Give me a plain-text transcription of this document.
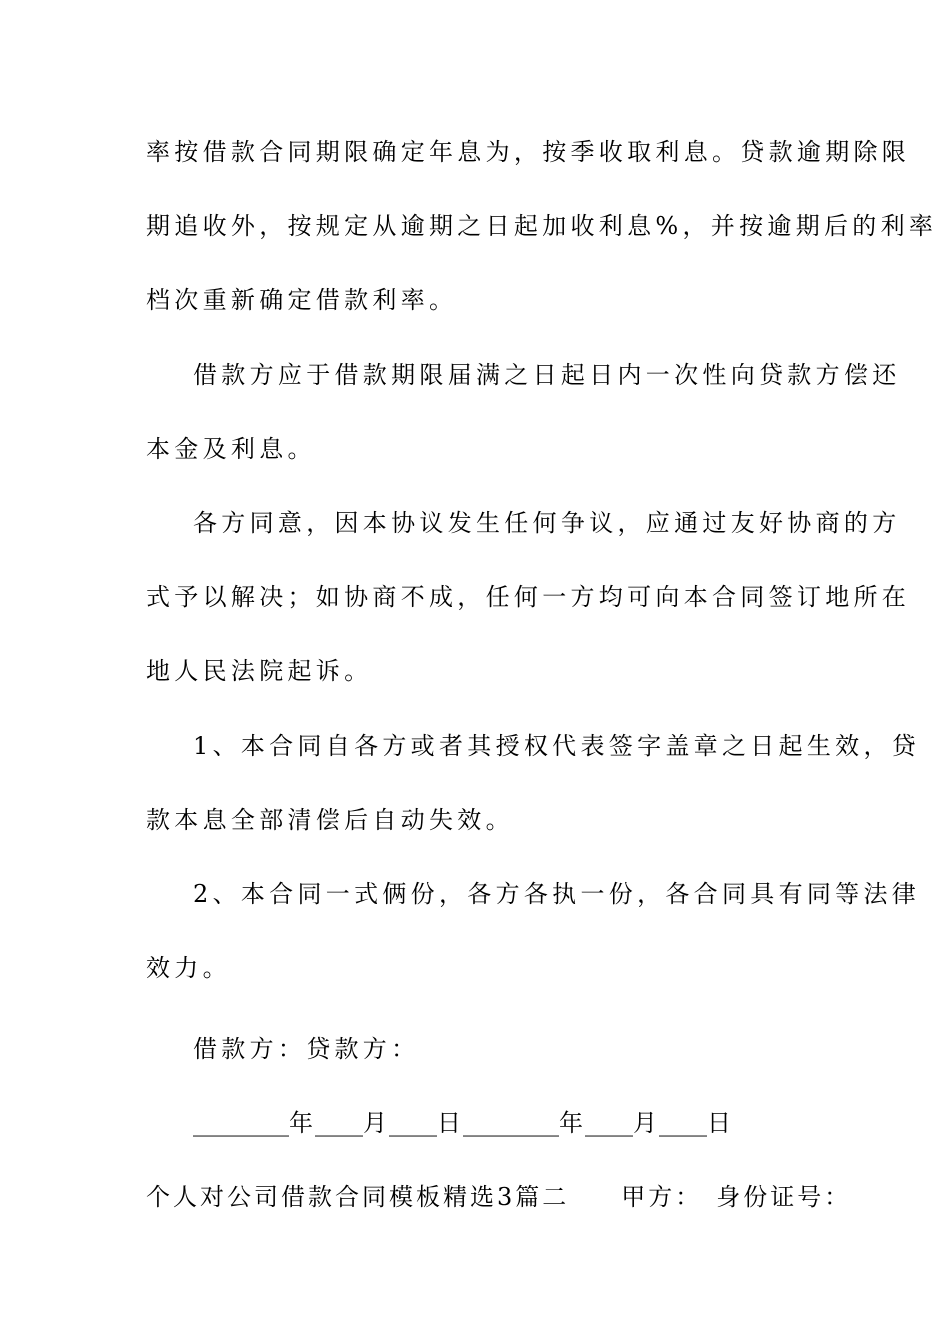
率按借款合同期限确定年息为，按季收取利息。贷款逾期除限
期追收外，按规定从逾期之日起加收利息%，并按逾期后的利率
档次重新确定借款利率。
借款方应于借款期限届满之日起日内一次性向贷款方偿还
本金及利息。
各方同意，因本协议发生任何争议，应通过友好协商的方
式予以解决；如协商不成，任何一方均可向本合同签订地所在
地人民法院起诉。
1、本合同自各方或者其授权代表签字盖章之日起生效，贷
款本息全部清偿后自动失效。
2、本合同一式俩份，各方各执一份，各合同具有同等法律
效力。
借款方：贷款方：
________年____月____日________年____月____日
个人对公司借款合同模板精选3篇二 甲方： 身份证号：
